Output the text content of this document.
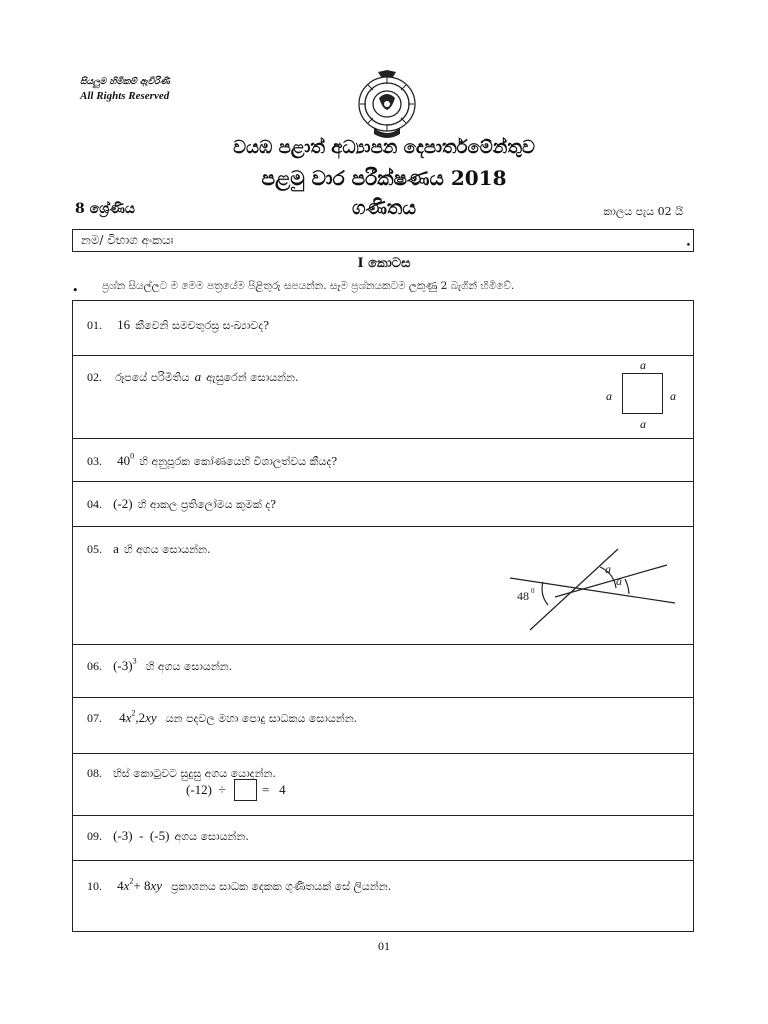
සියලුම හිමිකම් ඇවිරිණි
All Rights Reserved
වයඹ පළාත් අධ්‍යාපන දෙපාර්තමේන්තුව
පළමු වාර පරීක්ෂණය 2018
8 ශ්‍රේණිය	ගණිතය	කාලය පැය 02 යි
නම/ විභාග අංකයඃ	•
I කොටස
• ප්‍රශ්න සියල්ලට ම මෙම පත්‍රයේම පිළිතුරු සපයන්න. සෑම ප්‍රශ්නයකටම ලකුණු 2 බැගින් හිමිවේ.
01. 16 කීවෙනි සමචතුරස්‍ර සංඛ්‍යාවද?
02. රූපයේ පරිමිතිය a ඇසුරෙන් සොයන්න.
a
a	a
a
03. $40^0$ හි අනුපූරක කෝණයෙහි විශාලත්වය කීයද?
04. (-2) හි ආකල ප්‍රතිලෝමය කුමක් ද?
05. a හි අගය සොයන්න.
a
a
48 0
06. $(-3)^3$ හි අගය සොයන්න.
07. $4x^2,2xy$ යන පදවල මහා පොදු සාධකය සොයන්න.
08. හිස් කොටුවට සුදුසු අගය යොදන්න.
(-12)  ÷	=   4
09. (-3)  -  (-5) අගය සොයන්න.
10. $4x^2+ 8xy$ ප්‍රකාශනය සාධක දෙකක ගුණිතයක් සේ ලියන්න.
01
